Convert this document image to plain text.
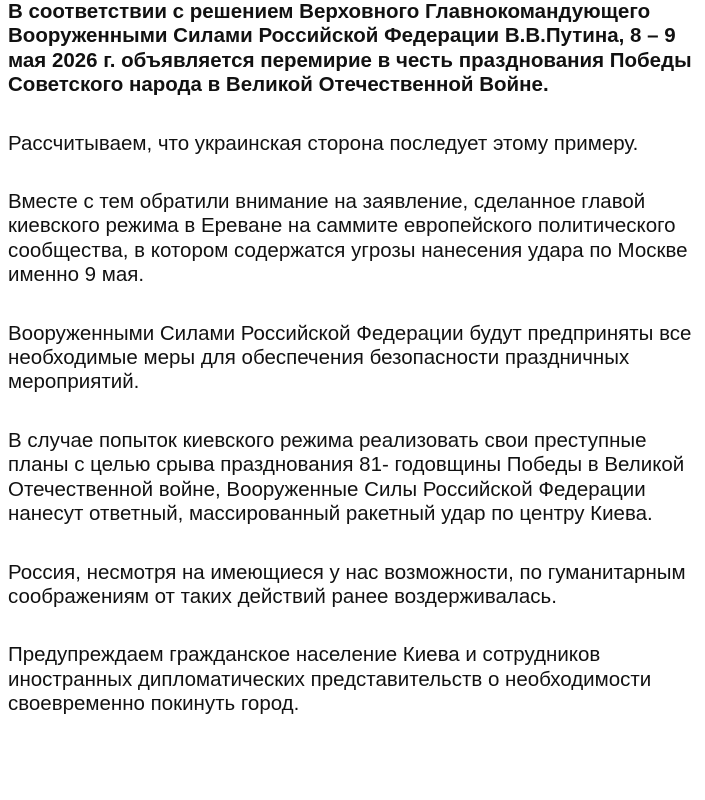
В соответствии с решением Верховного Главнокомандующего Вооруженными Силами Российской Федерации В.В.Путина, 8 – 9 мая 2026 г. объявляется перемирие в честь празднования Победы Советского народа в Великой Отечественной Войне.

Рассчитываем, что украинская сторона последует этому примеру.

Вместе с тем обратили внимание на заявление, сделанное главой киевского режима в Ереване на саммите европейского политического сообщества, в котором содержатся угрозы нанесения удара по Москве именно 9 мая.

Вооруженными Силами Российской Федерации будут предприняты все необходимые меры для обеспечения безопасности праздничных мероприятий.

В случае попыток киевского режима реализовать свои преступные планы с целью срыва празднования 81- годовщины Победы в Великой Отечественной войне, Вооруженные Силы Российской Федерации нанесут ответный, массированный ракетный удар по центру Киева.

Россия, несмотря на имеющиеся у нас возможности, по гуманитарным соображениям от таких действий ранее воздерживалась.

Предупреждаем гражданское население Киева и сотрудников иностранных дипломатических представительств о необходимости своевременно покинуть город.
